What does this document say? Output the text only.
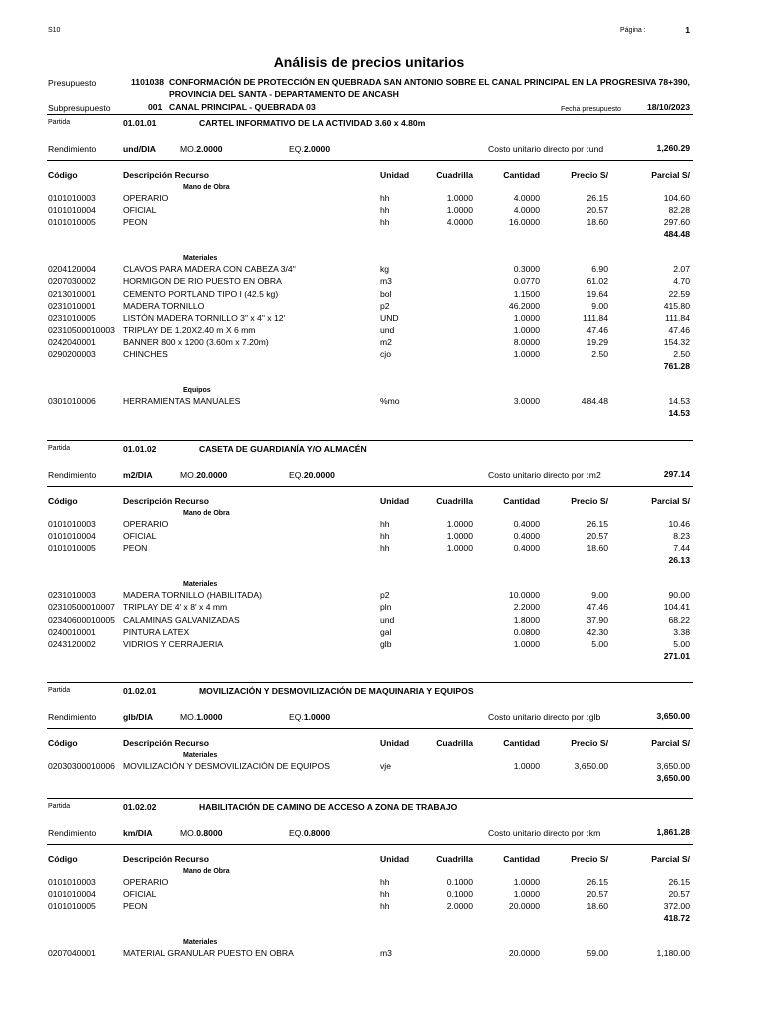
S10	Página :	1
Análisis de precios unitarios
Presupuesto	1101038 CONFORMACIÓN DE PROTECCIÓN EN QUEBRADA SAN ANTONIO SOBRE EL CANAL PRINCIPAL EN LA PROGRESIVA 78+390,
PROVINCIA DEL SANTA - DEPARTAMENTO DE ANCASH
Subpresupuesto	001 CANAL PRINCIPAL - QUEBRADA 03	Fecha presupuesto	18/10/2023
Partida	01.01.01	CARTEL INFORMATIVO DE LA ACTIVIDAD 3.60 x 4.80m
Rendimiento	und/DIA	MO.2.0000	EQ.2.0000	Costo unitario directo por :und	1,260.29
Código	Descripción Recurso	Unidad	Cuadrilla	Cantidad	Precio S/	Parcial S/
Mano de Obra
0101010003	OPERARIO	hh	1.0000	4.0000	26.15	104.60
0101010004	OFICIAL	hh	1.0000	4.0000	20.57	82.28
0101010005	PEON	hh	4.0000	16.0000	18.60	297.60
484.48
Materiales
0204120004	CLAVOS PARA MADERA CON CABEZA 3/4"	kg	0.3000	6.90	2.07
0207030002	HORMIGON DE RIO PUESTO EN OBRA	m3	0.0770	61.02	4.70
0213010001	CEMENTO PORTLAND TIPO I (42.5 kg)	bol	1.1500	19.64	22.59
0231010001	MADERA TORNILLO	p2	46.2000	9.00	415.80
0231010005	LISTÓN MADERA TORNILLO 3" x 4" x 12'	UND	1.0000	111.84	111.84
02310500010003 TRIPLAY DE 1.20X2.40 m X 6 mm	und	1.0000	47.46	47.46
0242040001	BANNER 800 x 1200 (3.60m x 7.20m)	m2	8.0000	19.29	154.32
0290200003	CHINCHES	cjo	1.0000	2.50	2.50
761.28
Equipos
0301010006	HERRAMIENTAS MANUALES	%mo	3.0000	484.48	14.53
14.53
Partida	01.01.02	CASETA DE GUARDIANÍA Y/O ALMACÉN
Rendimiento	m2/DIA	MO.20.0000	EQ.20.0000	Costo unitario directo por :m2	297.14
Código	Descripción Recurso	Unidad	Cuadrilla	Cantidad	Precio S/	Parcial S/
Mano de Obra
0101010003	OPERARIO	hh	1.0000	0.4000	26.15	10.46
0101010004	OFICIAL	hh	1.0000	0.4000	20.57	8.23
0101010005	PEON	hh	1.0000	0.4000	18.60	7.44
26.13
Materiales
0231010003	MADERA TORNILLO (HABILITADA)	p2	10.0000	9.00	90.00
02310500010007 TRIPLAY DE 4' x 8' x 4 mm	pln	2.2000	47.46	104.41
02340600010005 CALAMINAS GALVANIZADAS	und	1.8000	37.90	68.22
0240010001	PINTURA LATEX	gal	0.0800	42.30	3.38
0243120002	VIDRIOS Y CERRAJERIA	glb	1.0000	5.00	5.00
271.01
Partida	01.02.01	MOVILIZACIÓN Y DESMOVILIZACIÓN DE MAQUINARIA Y EQUIPOS
Rendimiento	glb/DIA	MO.1.0000	EQ.1.0000	Costo unitario directo por :glb	3,650.00
Código	Descripción Recurso	Unidad	Cuadrilla	Cantidad	Precio S/	Parcial S/
Materiales
02030300010006 MOVILIZACIÓN Y DESMOVILIZACIÓN DE EQUIPOS	vje	1.0000	3,650.00	3,650.00
3,650.00
Partida	01.02.02	HABILITACIÓN DE CAMINO DE ACCESO A ZONA DE TRABAJO
Rendimiento	km/DIA	MO.0.8000	EQ.0.8000	Costo unitario directo por :km	1,861.28
Código	Descripción Recurso	Unidad	Cuadrilla	Cantidad	Precio S/	Parcial S/
Mano de Obra
0101010003	OPERARIO	hh	0.1000	1.0000	26.15	26.15
0101010004	OFICIAL	hh	0.1000	1.0000	20.57	20.57
0101010005	PEON	hh	2.0000	20.0000	18.60	372.00
418.72
Materiales
0207040001	MATERIAL GRANULAR PUESTO EN OBRA	m3	20.0000	59.00	1,180.00
